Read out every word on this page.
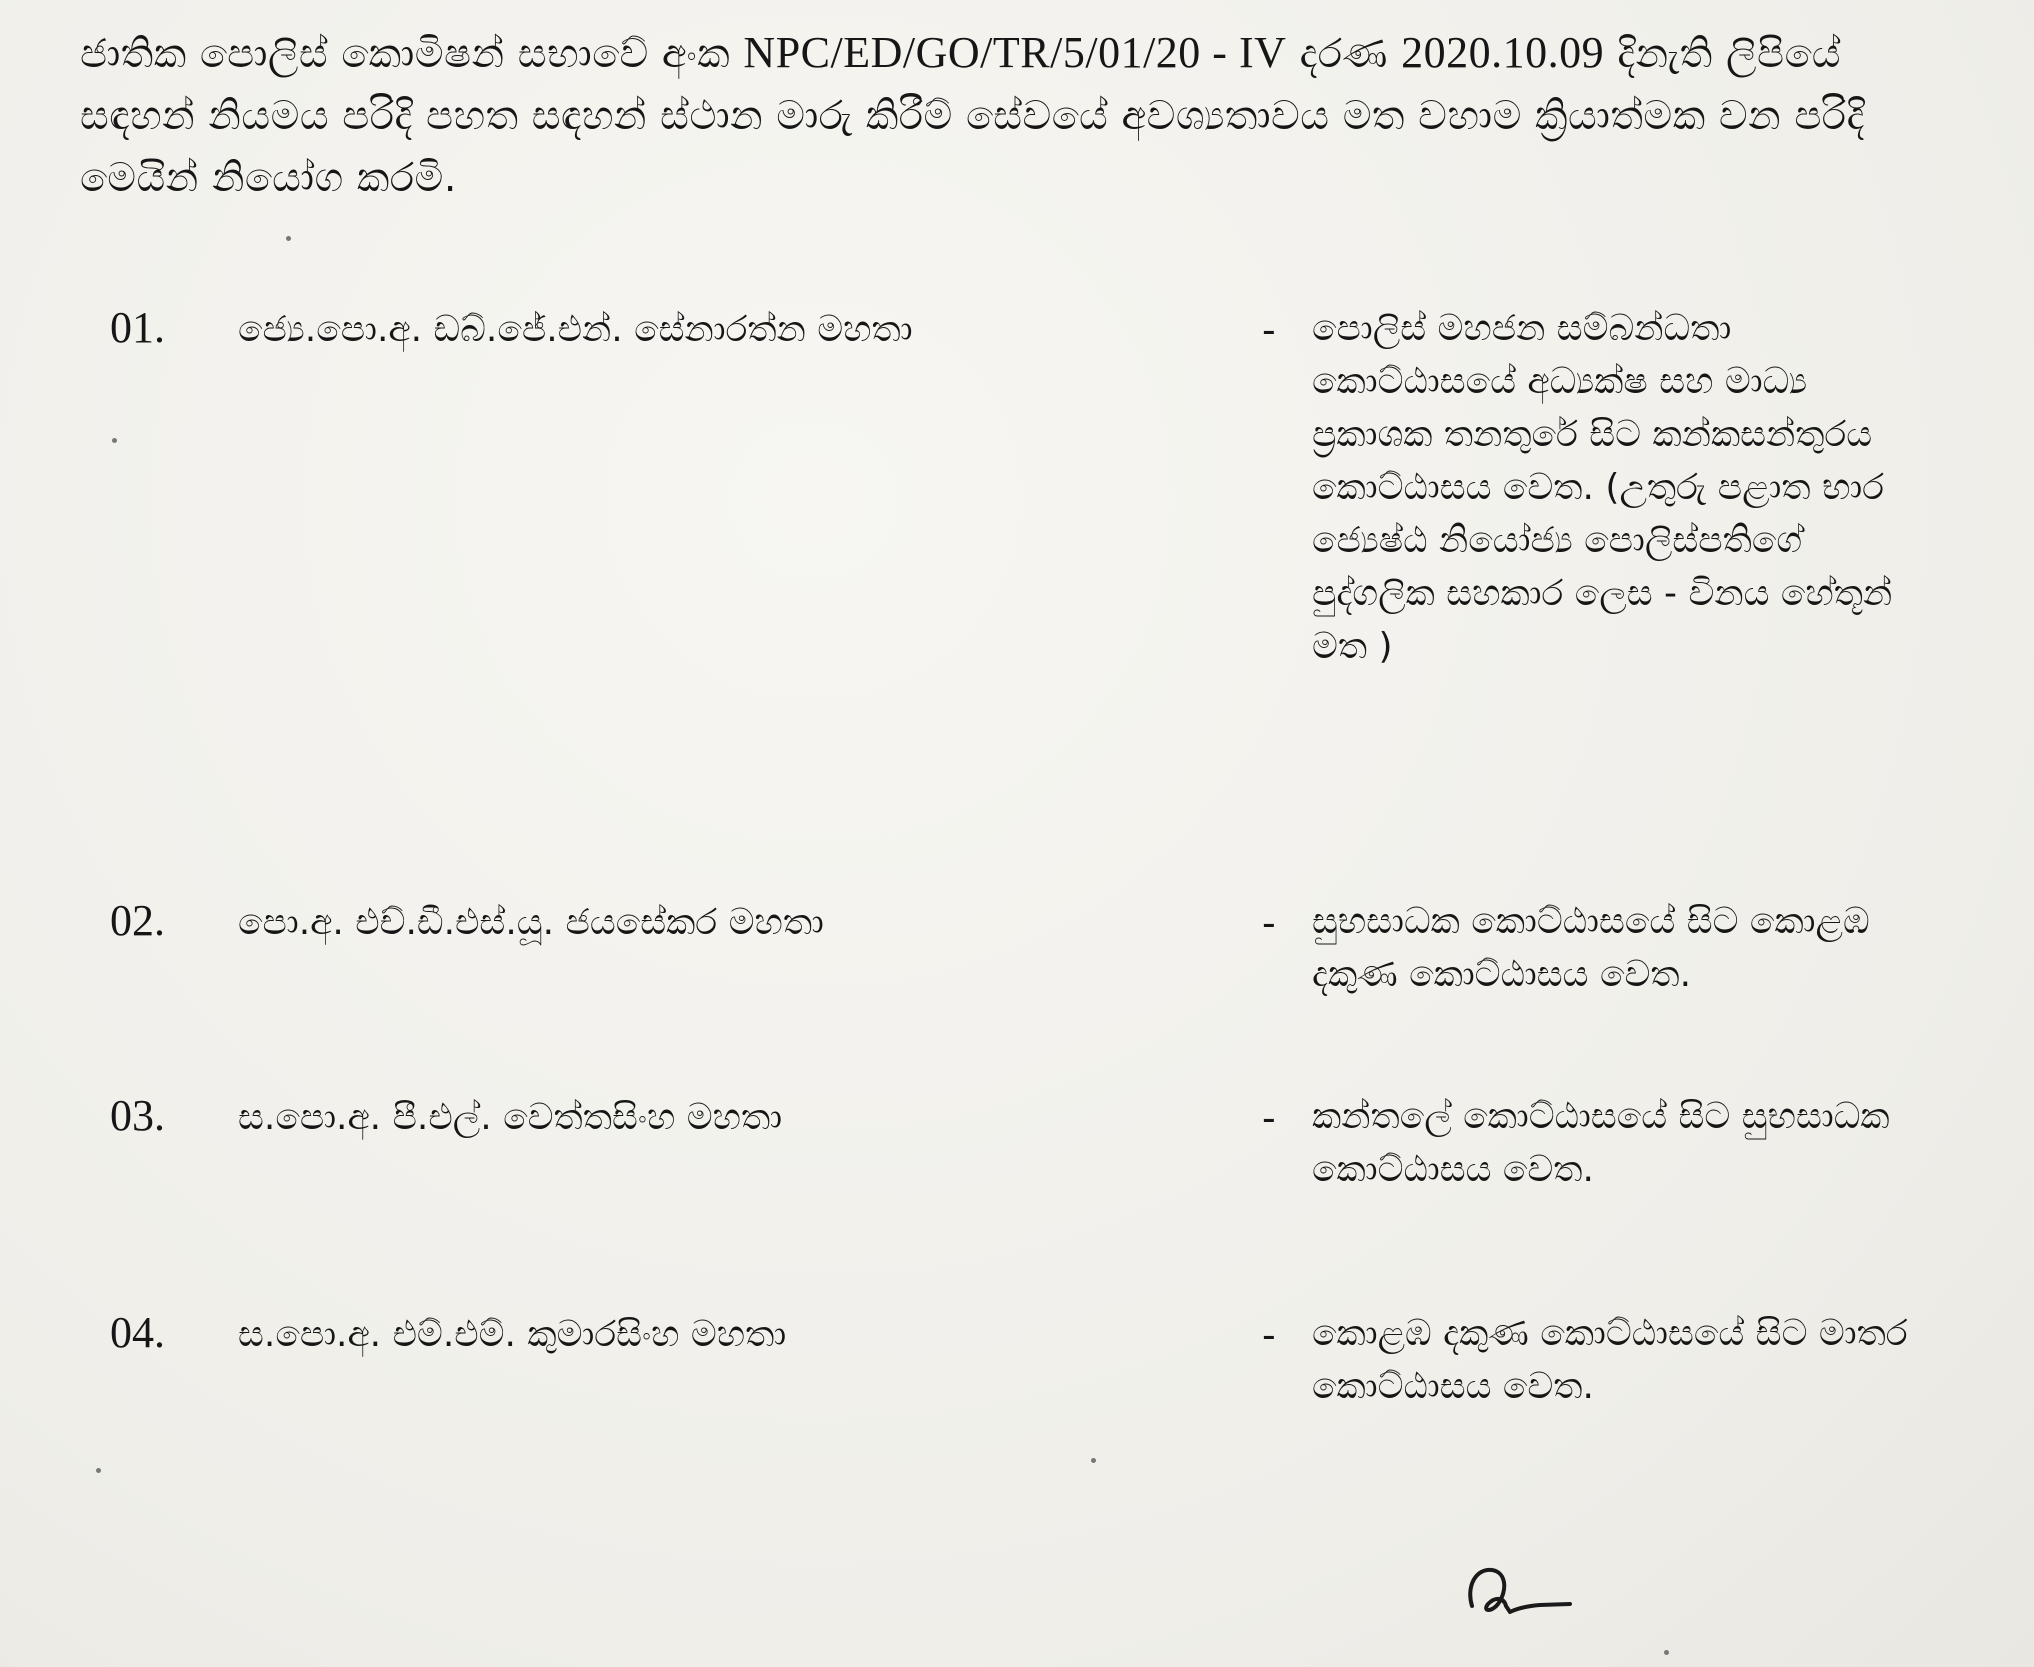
ජාතික පොලිස් කොමිෂන් සභාවේ අංක NPC/ED/GO/TR/5/01/20 - IV දරණ 2020.10.09 දිනැති ලිපියේ සඳහන් නියමය පරිදි පහත සඳහන් ස්ථාන මාරු කිරීම් සේවයේ අවශ්‍යතාවය මත වහාම ක්‍රියාත්මක වන පරිදි මෙයින් නියෝග කරමි.
01. ජ්‍යෙ.පො.අ. ඩබ්.ජේ.එන්. සේනාරත්න මහතා	- පොලිස් මහජන සම්බන්ධතා කොට්ඨාසයේ අධ්‍යක්ෂ සහ මාධ්‍ය ප්‍රකාශක තනතුරේ සිට කන්කසන්තුරය කොට්ඨාසය වෙත. (උතුරු පළාත භාර ජ්‍යෙෂ්ඨ නියෝජ්‍ය පොලිස්පතිගේ පුද්ගලික සහකාර ලෙස - විනය හේතූන් මත )
02. පො.අ. එච්.ඩී.එස්.යූ. ජයසේකර මහතා	- සුභසාධක කොට්ඨාසයේ සිට කොළඹ දකුණ කොට්ඨාසය වෙත.
03. ස.පො.අ. පී.එල්. වෙත්තසිංහ මහතා	- කන්තලේ කොට්ඨාසයේ සිට සුභසාධක කොට්ඨාසය වෙත.
04. ස.පො.අ. එම්.එම්. කුමාරසිංහ මහතා	- කොළඹ දකුණ කොට්ඨාසයේ සිට මාතර කොට්ඨාසය වෙත.
